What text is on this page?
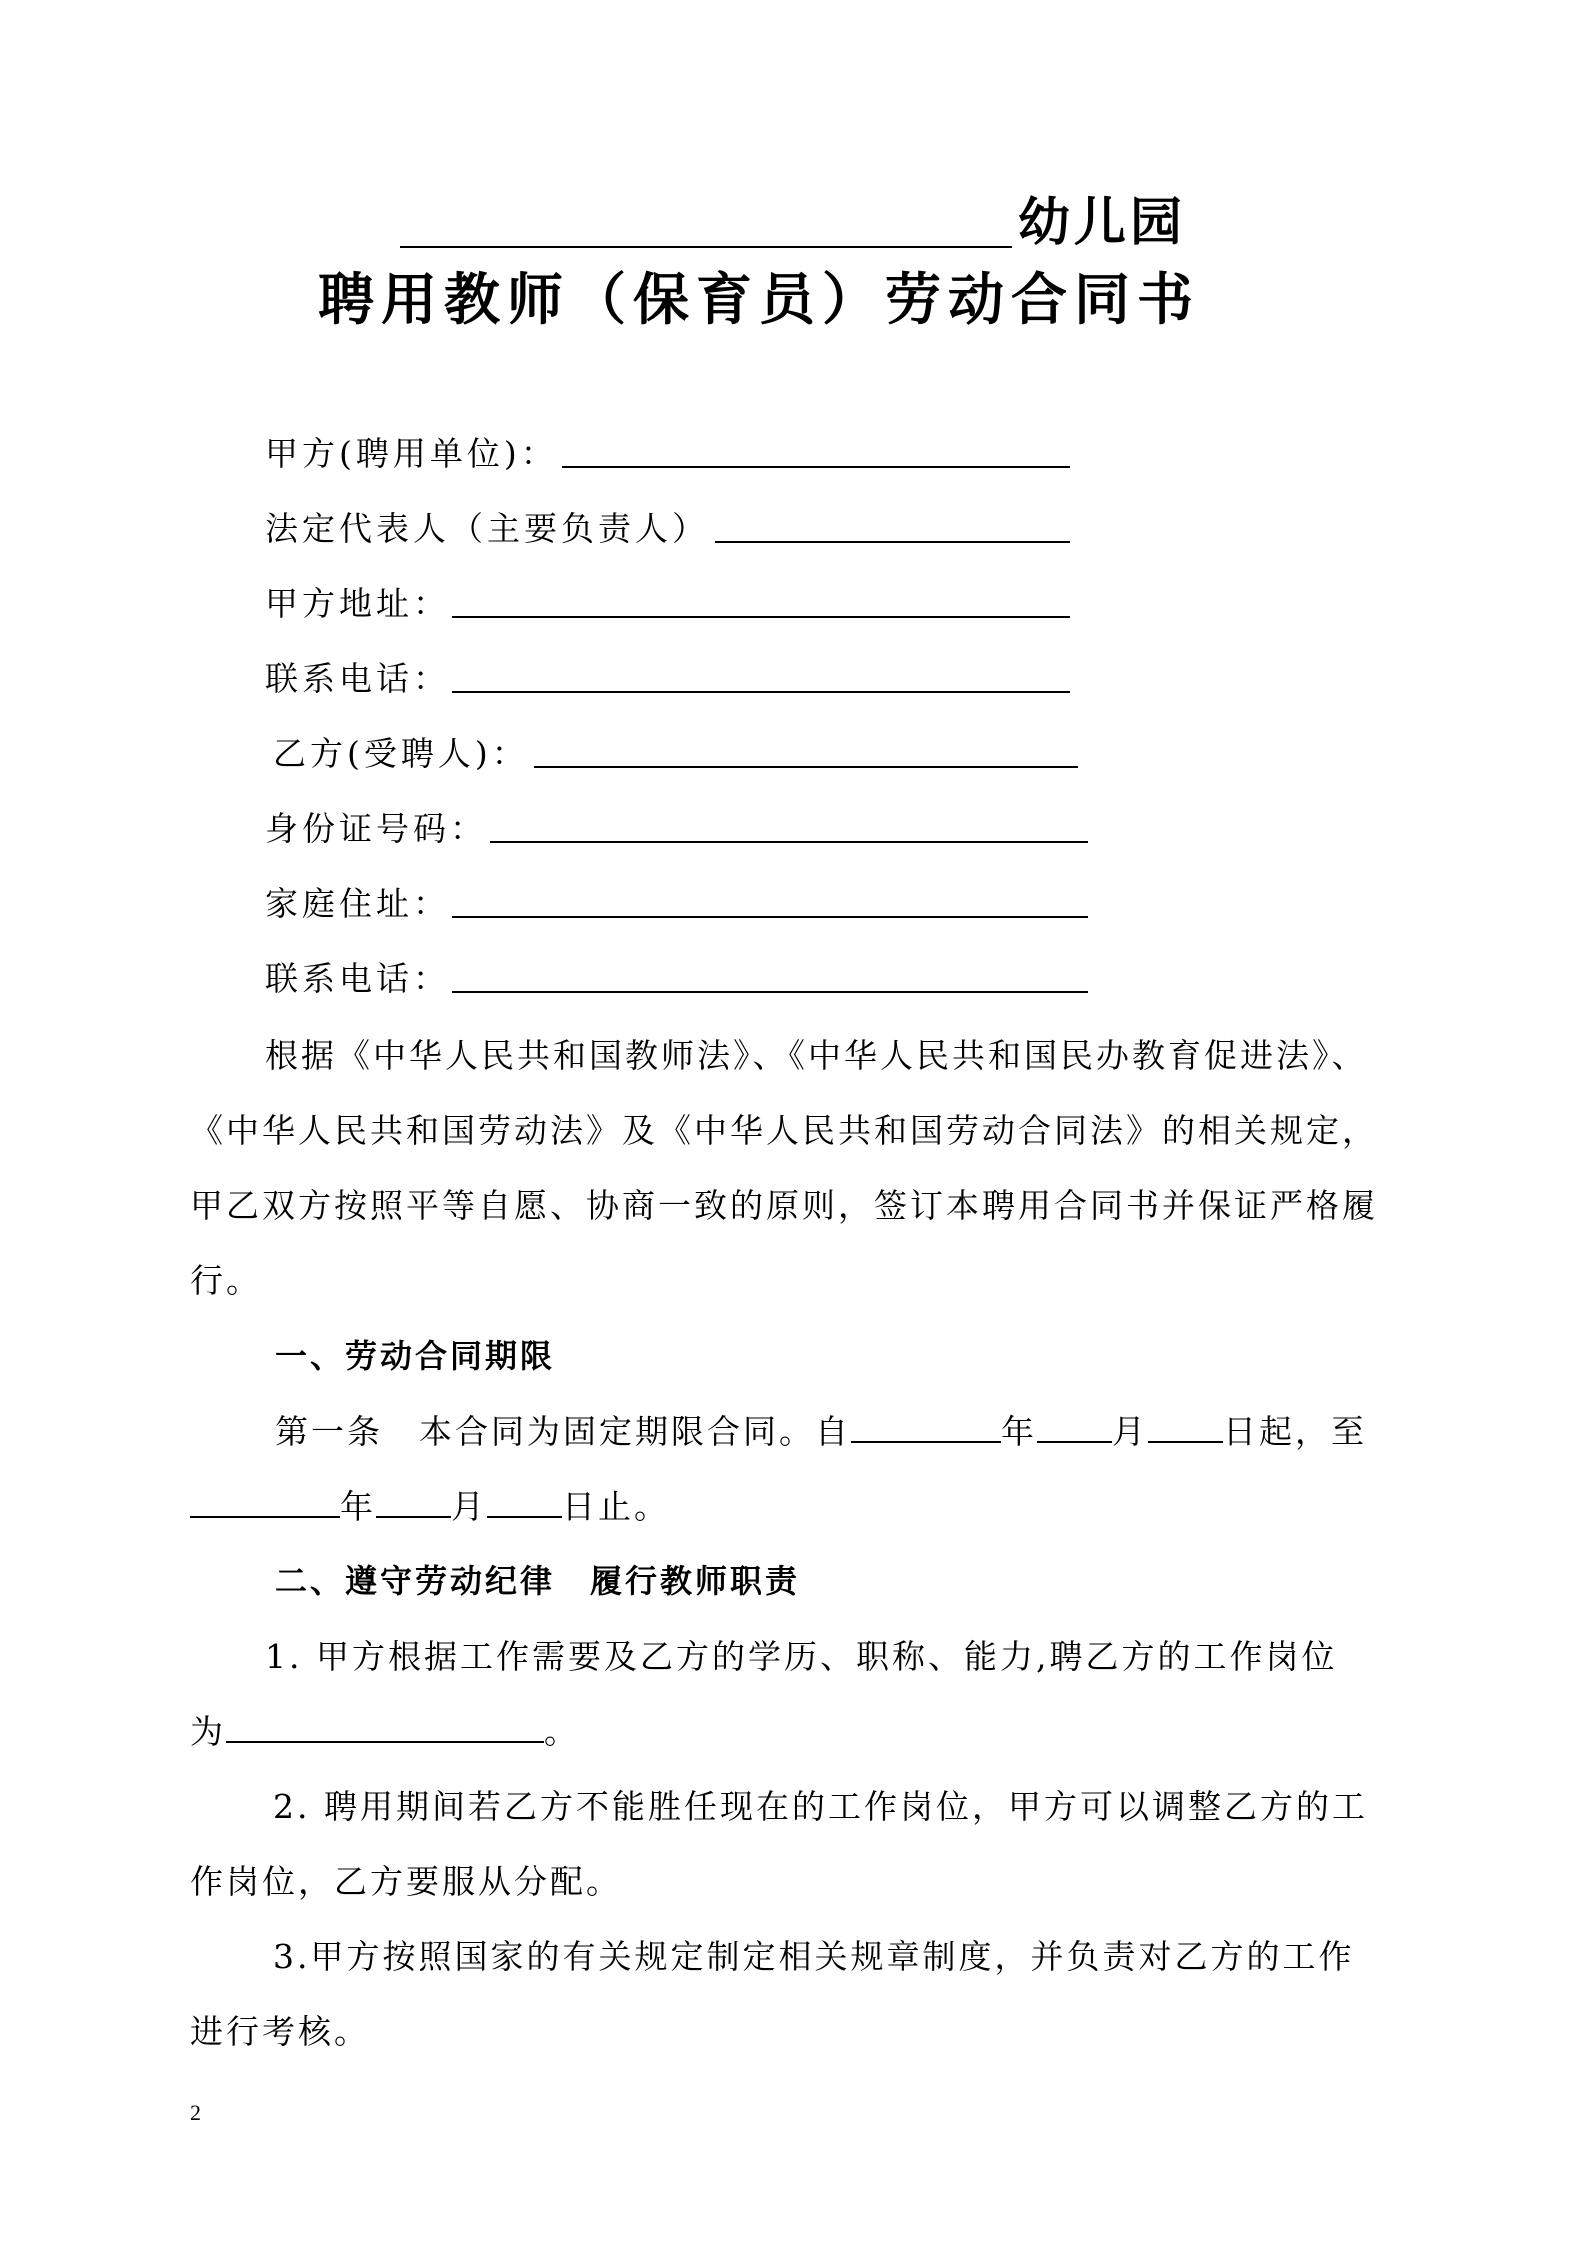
幼儿园
聘用教师（保育员）劳动合同书
甲方(聘用单位)：
法定代表人（主要负责人）
甲方地址：
联系电话：
乙方(受聘人)：
身份证号码：
家庭住址：
联系电话：
根据《中华人民共和国教师法》、《中华人民共和国民办教育促进法》、
《中华人民共和国劳动法》及《中华人民共和国劳动合同法》的相关规定，
甲乙双方按照平等自愿、协商一致的原则，签订本聘用合同书并保证严格履
行。
一、劳动合同期限
第一条　本合同为固定期限合同。自	年 月 日起，至
年 月 日止。
二、遵守劳动纪律　履行教师职责
1. 甲方根据工作需要及乙方的学历、职称、能力,聘乙方的工作岗位
为	。
2. 聘用期间若乙方不能胜任现在的工作岗位，甲方可以调整乙方的工
作岗位，乙方要服从分配。
3.甲方按照国家的有关规定制定相关规章制度，并负责对乙方的工作
进行考核。
2
